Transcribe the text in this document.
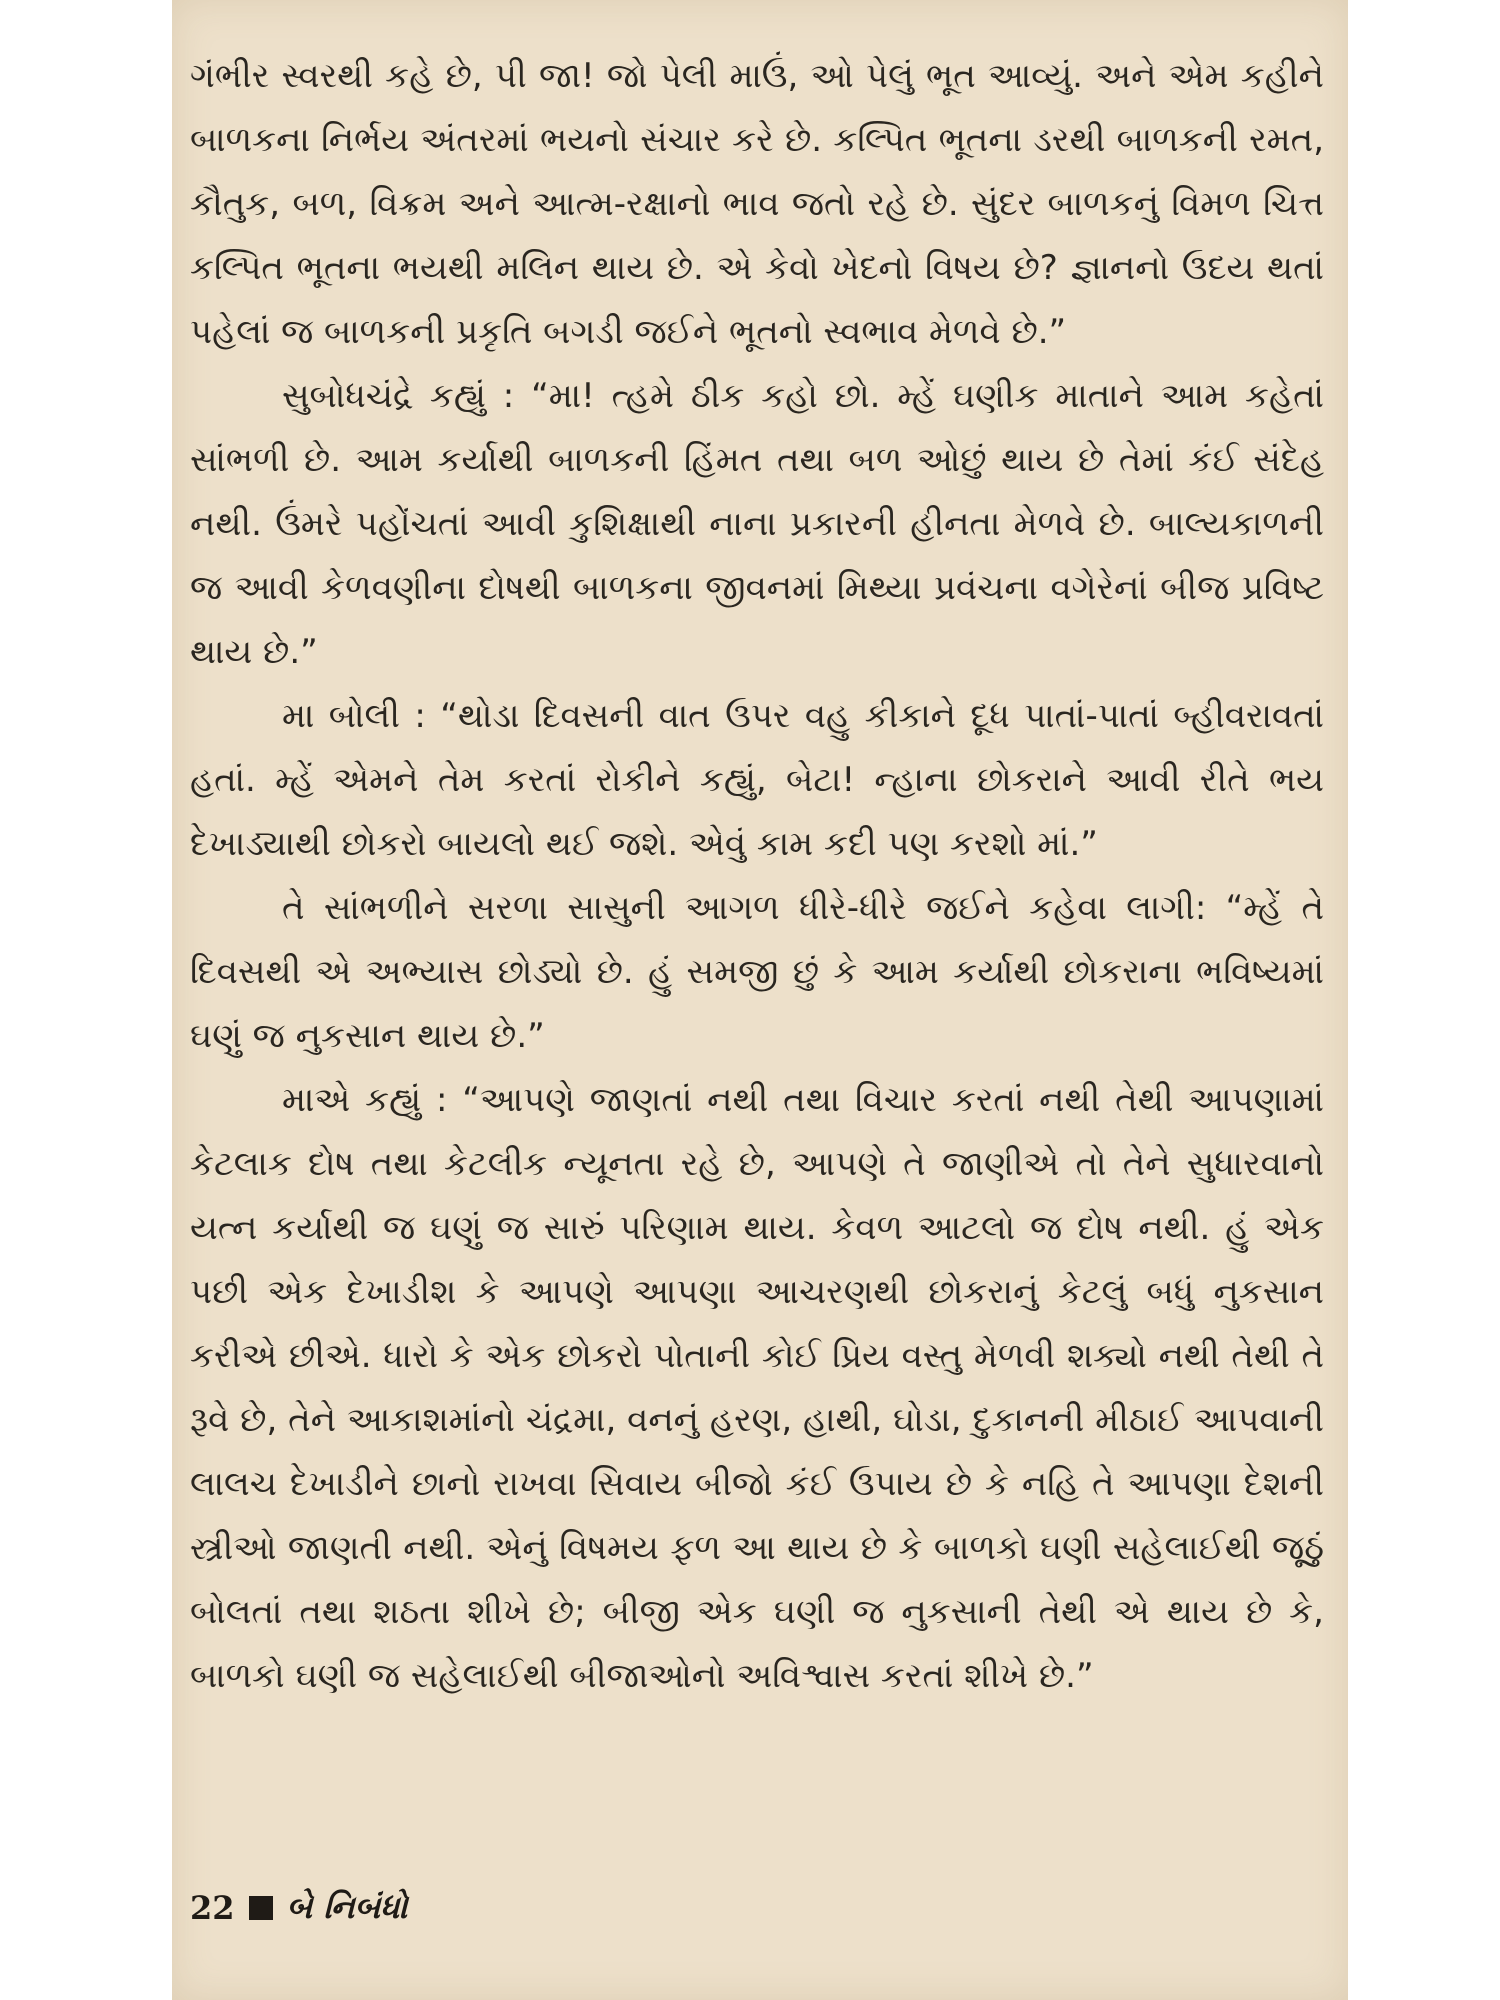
ગંભીર સ્વરથી કહે છે, પી જા! જો પેલી માઉં, ઓ પેલું ભૂત આવ્યું. અને એમ કહીને બાળકના નિર્ભય અંતરમાં ભયનો સંચાર કરે છે. કલ્પિત ભૂતના ડરથી બાળકની રમત, કૌતુક, બળ, વિક્રમ અને આત્મ-રક્ષાનો ભાવ જતો રહે છે. સુંદર બાળકનું વિમળ ચિત્ત કલ્પિત ભૂતના ભયથી મલિન થાય છે. એ કેવો ખેદનો વિષય છે? જ્ઞાનનો ઉદય થતાં પહેલાં જ બાળકની પ્રકૃતિ બગડી જઈને ભૂતનો સ્વભાવ મેળવે છે.”

સુબોધચંદ્રે કહ્યું : “મા! ત્હમે ઠીક કહો છો. મ્હેં ઘણીક માતાને આમ કહેતાં સાંભળી છે. આમ કર્યાથી બાળકની હિંમત તથા બળ ઓછું થાય છે તેમાં કંઈ સંદેહ નથી. ઉંમરે પહોંચતાં આવી કુશિક્ષાથી નાના પ્રકારની હીનતા મેળવે છે. બાલ્યકાળની જ આવી કેળવણીના દોષથી બાળકના જીવનમાં મિથ્યા પ્રવંચના વગેરેનાં બીજ પ્રવિષ્ટ થાય છે.”

મા બોલી : “થોડા દિવસની વાત ઉપર વહુ કીકાને દૂધ પાતાં-પાતાં બ્હીવરાવતાં હતાં. મ્હેં એમને તેમ કરતાં રોકીને કહ્યું, બેટા! ન્હાના છોકરાને આવી રીતે ભય દેખાડ્યાથી છોકરો બાયલો થઈ જશે. એવું કામ કદી પણ કરશો માં.”

તે સાંભળીને સરળા સાસુની આગળ ધીરે-ધીરે જઈને કહેવા લાગી: “મ્હેં તે દિવસથી એ અભ્યાસ છોડ્યો છે. હું સમજી છું કે આમ કર્યાથી છોકરાના ભવિષ્યમાં ઘણું જ નુકસાન થાય છે.”

માએ કહ્યું : “આપણે જાણતાં નથી તથા વિચાર કરતાં નથી તેથી આપણામાં કેટલાક દોષ તથા કેટલીક ન્યૂનતા રહે છે, આપણે તે જાણીએ તો તેને સુધારવાનો યત્ન કર્યાથી જ ઘણું જ સારું પરિણામ થાય. કેવળ આટલો જ દોષ નથી. હું એક પછી એક દેખાડીશ કે આપણે આપણા આચરણથી છોકરાનું કેટલું બધું નુકસાન કરીએ છીએ. ધારો કે એક છોકરો પોતાની કોઈ પ્રિય વસ્તુ મેળવી શક્યો નથી તેથી તે રૂવે છે, તેને આકાશમાંનો ચંદ્રમા, વનનું હરણ, હાથી, ઘોડા, દુકાનની મીઠાઈ આપવાની લાલચ દેખાડીને છાનો રાખવા સિવાય બીજો કંઈ ઉપાય છે કે નહિ તે આપણા દેશની સ્ત્રીઓ જાણતી નથી. એનું વિષમય ફળ આ થાય છે કે બાળકો ઘણી સહેલાઈથી જૂઠું બોલતાં તથા શઠતા શીખે છે; બીજી એક ઘણી જ નુકસાની તેથી એ થાય છે કે, બાળકો ઘણી જ સહેલાઈથી બીજાઓનો અવિશ્વાસ કરતાં શીખે છે.”

22 બે નિબંધો
